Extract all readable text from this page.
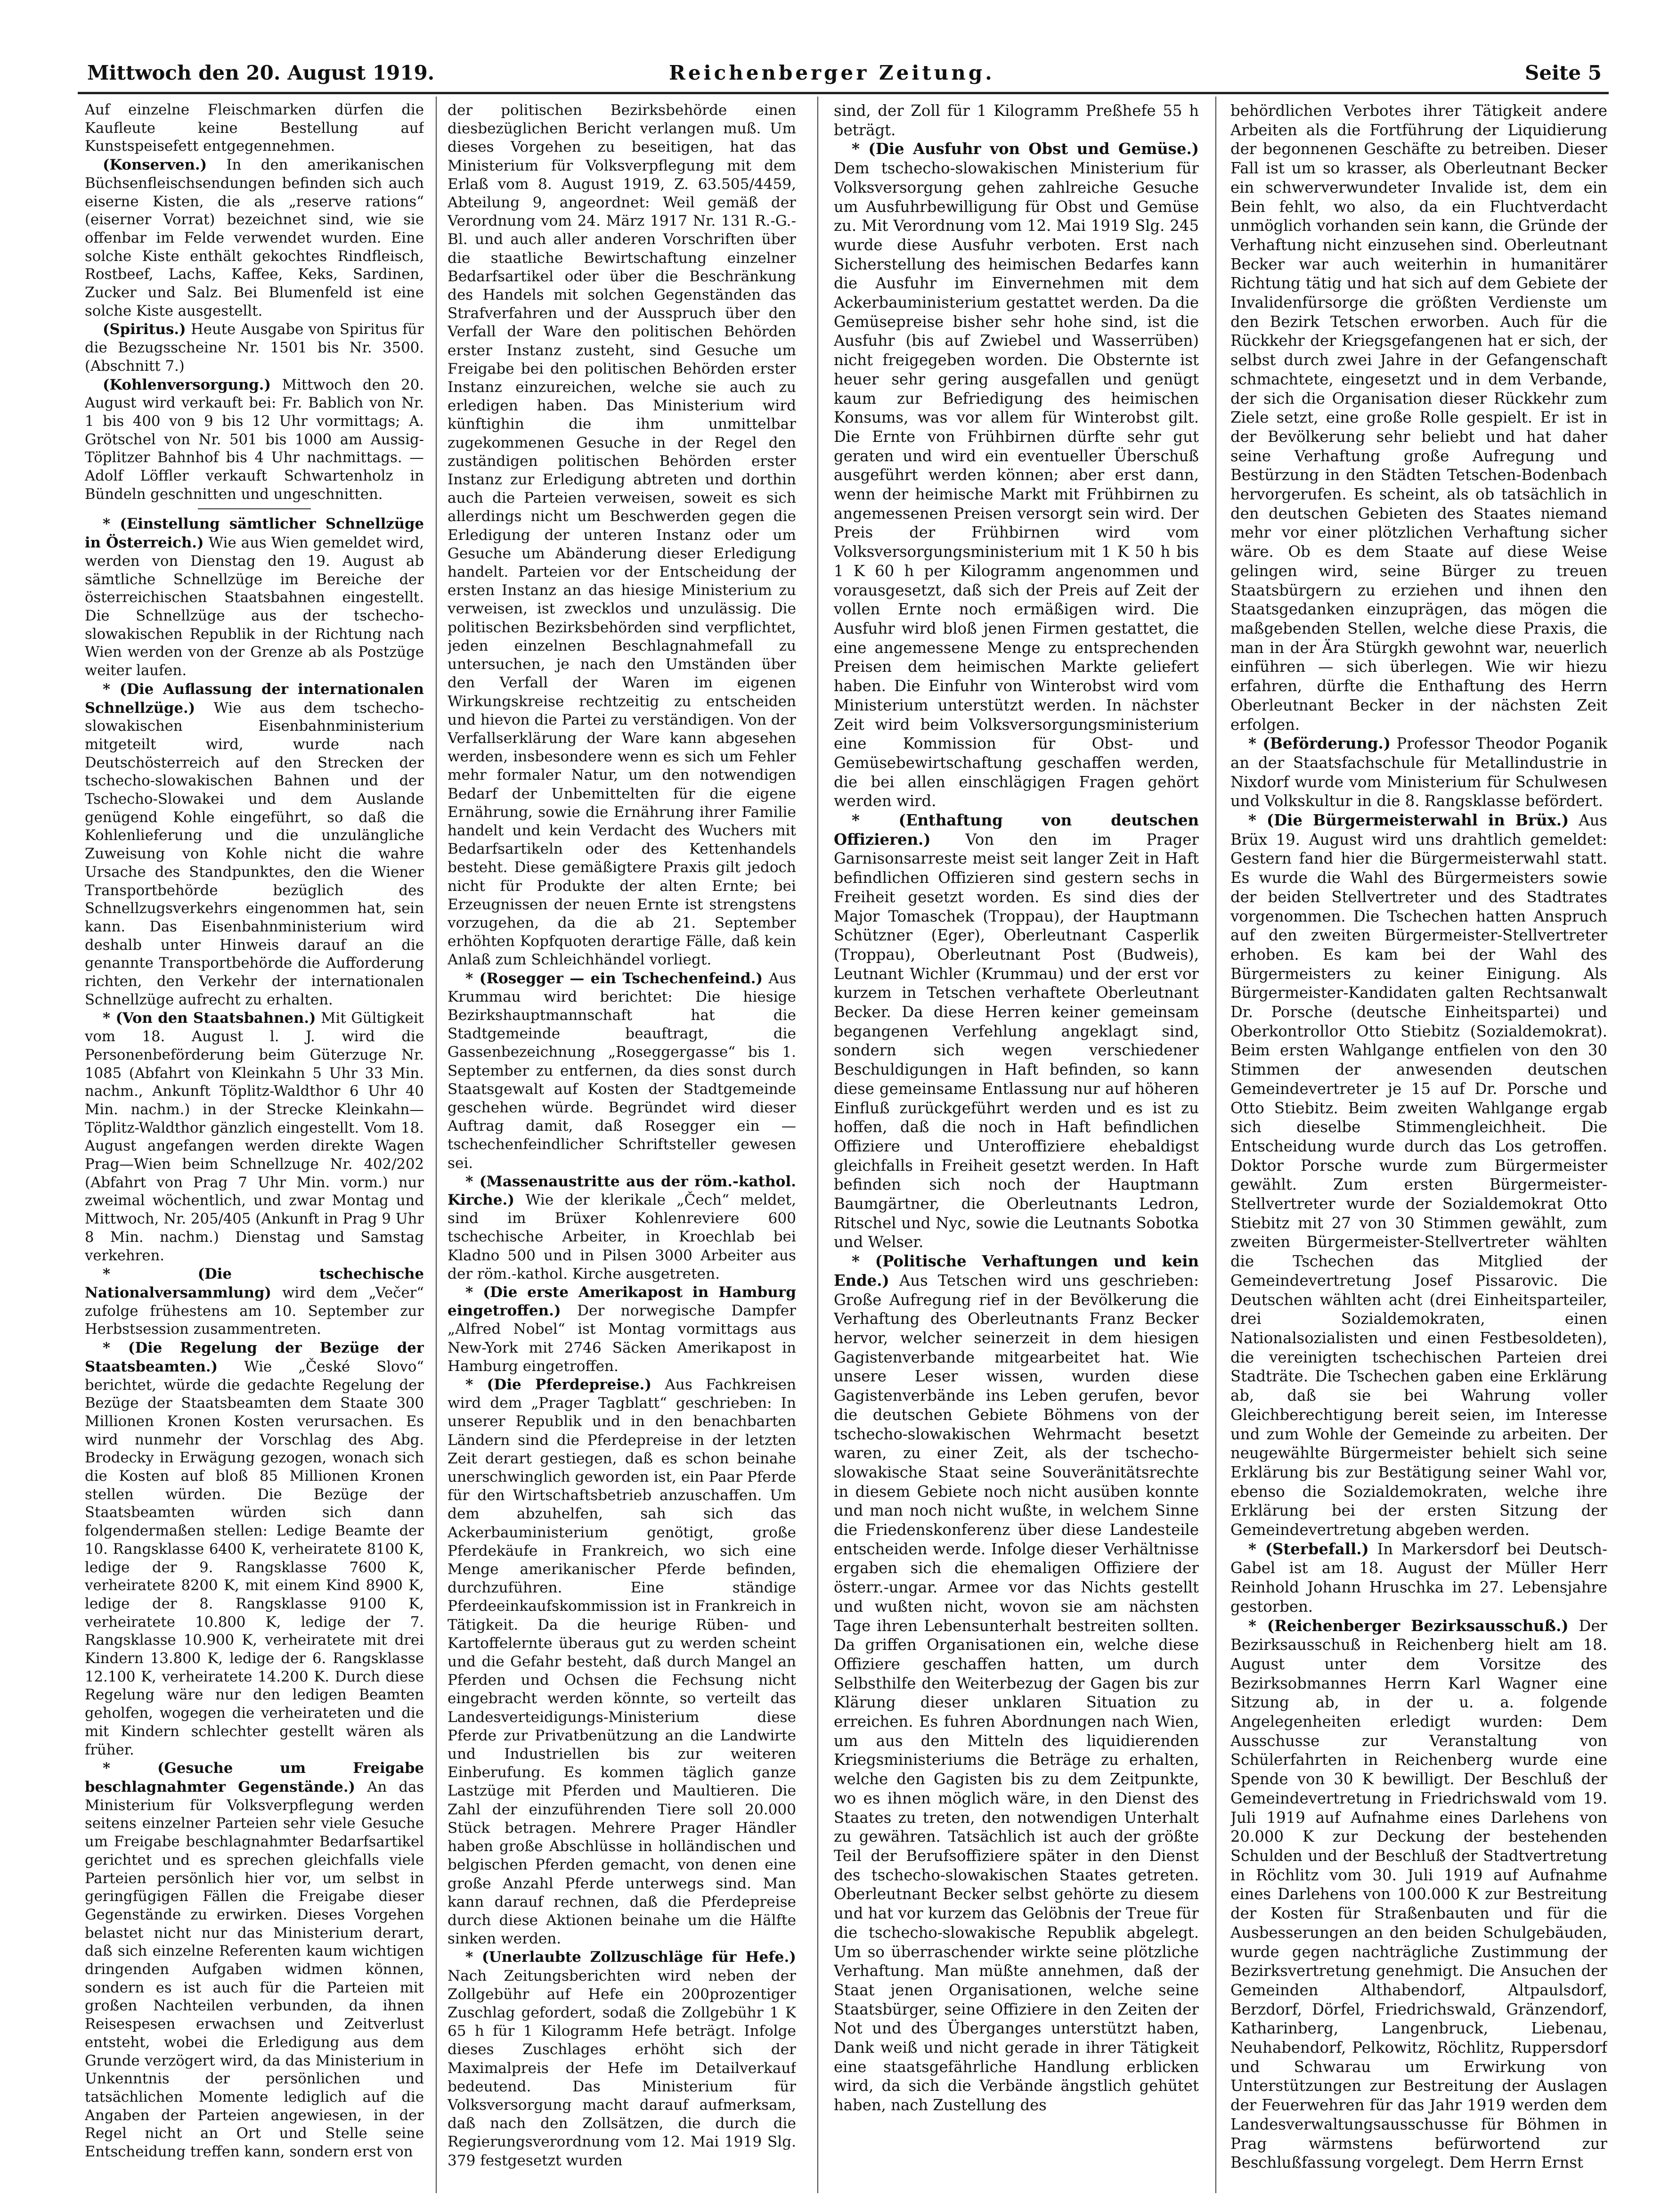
Mittwoch den 20. August 1919.	Reichenberger Zeitung.	Seite 5

Auf einzelne Fleischmarken dürfen die Kaufleute keine Bestellung auf Kunstspeisefett entgegennehmen.

(Konserven.) In den amerikanischen Büchsenfleischsendungen befinden sich auch eiserne Kisten, die als „reserve rations“ (eiserner Vorrat) bezeichnet sind, wie sie offenbar im Felde verwendet wurden. Eine solche Kiste enthält gekochtes Rindfleisch, Rostbeef, Lachs, Kaffee, Keks, Sardinen, Zucker und Salz. Bei Blumenfeld ist eine solche Kiste ausgestellt.

(Spiritus.) Heute Ausgabe von Spiritus für die Bezugsscheine Nr. 1501 bis Nr. 3500. (Abschnitt 7.)

(Kohlenversorgung.) Mittwoch den 20. August wird verkauft bei: Fr. Bablich von Nr. 1 bis 400 von 9 bis 12 Uhr vormittags; A. Grötschel von Nr. 501 bis 1000 am Aussig-Töplitzer Bahnhof bis 4 Uhr nachmittags. — Adolf Löffler verkauft Schwartenholz in Bündeln geschnitten und ungeschnitten.

* (Einstellung sämtlicher Schnellzüge in Österreich.) Wie aus Wien gemeldet wird, werden von Dienstag den 19. August ab sämtliche Schnellzüge im Bereiche der österreichischen Staatsbahnen eingestellt. Die Schnellzüge aus der tschecho-slowakischen Republik in der Richtung nach Wien werden von der Grenze ab als Postzüge weiter laufen.

* (Die Auflassung der internationalen Schnellzüge.) Wie aus dem tschecho-slowakischen Eisenbahnministerium mitgeteilt wird, wurde nach Deutschösterreich auf den Strecken der tschecho-slowakischen Bahnen und der Tschecho-Slowakei und dem Auslande genügend Kohle eingeführt, so daß die Kohlenlieferung und die unzulängliche Zuweisung von Kohle nicht die wahre Ursache des Standpunktes, den die Wiener Transportbehörde bezüglich des Schnellzugsverkehrs eingenommen hat, sein kann. Das Eisenbahnministerium wird deshalb unter Hinweis darauf an die genannte Transportbehörde die Aufforderung richten, den Verkehr der internationalen Schnellzüge aufrecht zu erhalten.

* (Von den Staatsbahnen.) Mit Gültigkeit vom 18. August l. J. wird die Personenbeförderung beim Güterzuge Nr. 1085 (Abfahrt von Kleinkahn 5 Uhr 33 Min. nachm., Ankunft Töplitz-Waldthor 6 Uhr 40 Min. nachm.) in der Strecke Kleinkahn—Töplitz-Waldthor gänzlich eingestellt. Vom 18. August angefangen werden direkte Wagen Prag—Wien beim Schnellzuge Nr. 402/202 (Abfahrt von Prag 7 Uhr Min. vorm.) nur zweimal wöchentlich, und zwar Montag und Mittwoch, Nr. 205/405 (Ankunft in Prag 9 Uhr 8 Min. nachm.) Dienstag und Samstag verkehren.

* (Die tschechische Nationalversammlung) wird dem „Večer“ zufolge frühestens am 10. September zur Herbstsession zusammentreten.

* (Die Regelung der Bezüge der Staatsbeamten.) Wie „České Slovo“ berichtet, würde die gedachte Regelung der Bezüge der Staatsbeamten dem Staate 300 Millionen Kronen Kosten verursachen. Es wird nunmehr der Vorschlag des Abg. Brodecky in Erwägung gezogen, wonach sich die Kosten auf bloß 85 Millionen Kronen stellen würden. Die Bezüge der Staatsbeamten würden sich dann folgendermaßen stellen: Ledige Beamte der 10. Rangsklasse 6400 K, verheiratete 8100 K, ledige der 9. Rangsklasse 7600 K, verheiratete 8200 K, mit einem Kind 8900 K, ledige der 8. Rangsklasse 9100 K, verheiratete 10.800 K, ledige der 7. Rangsklasse 10.900 K, verheiratete mit drei Kindern 13.800 K, ledige der 6. Rangsklasse 12.100 K, verheiratete 14.200 K. Durch diese Regelung wäre nur den ledigen Beamten geholfen, wogegen die verheirateten und die mit Kindern schlechter gestellt wären als früher.

* (Gesuche um Freigabe beschlagnahmter Gegenstände.) An das Ministerium für Volksverpflegung werden seitens einzelner Parteien sehr viele Gesuche um Freigabe beschlagnahmter Bedarfsartikel gerichtet und es sprechen gleichfalls viele Parteien persönlich hier vor, um selbst in geringfügigen Fällen die Freigabe dieser Gegenstände zu erwirken. Dieses Vorgehen belastet nicht nur das Ministerium derart, daß sich einzelne Referenten kaum wichtigen dringenden Aufgaben widmen können, sondern es ist auch für die Parteien mit großen Nachteilen verbunden, da ihnen Reisespesen erwachsen und Zeitverlust entsteht, wobei die Erledigung aus dem Grunde verzögert wird, da das Ministerium in Unkenntnis der persönlichen und tatsächlichen Momente lediglich auf die Angaben der Parteien angewiesen, in der Regel nicht an Ort und Stelle seine Entscheidung treffen kann, sondern erst von

der politischen Bezirksbehörde einen diesbezüglichen Bericht verlangen muß. Um dieses Vorgehen zu beseitigen, hat das Ministerium für Volksverpflegung mit dem Erlaß vom 8. August 1919, Z. 63.505/4459, Abteilung 9, angeordnet: Weil gemäß der Verordnung vom 24. März 1917 Nr. 131 R.-G.-Bl. und auch aller anderen Vorschriften über die staatliche Bewirtschaftung einzelner Bedarfsartikel oder über die Beschränkung des Handels mit solchen Gegenständen das Strafverfahren und der Ausspruch über den Verfall der Ware den politischen Behörden erster Instanz zusteht, sind Gesuche um Freigabe bei den politischen Behörden erster Instanz einzureichen, welche sie auch zu erledigen haben. Das Ministerium wird künftighin die ihm unmittelbar zugekommenen Gesuche in der Regel den zuständigen politischen Behörden erster Instanz zur Erledigung abtreten und dorthin auch die Parteien verweisen, soweit es sich allerdings nicht um Beschwerden gegen die Erledigung der unteren Instanz oder um Gesuche um Abänderung dieser Erledigung handelt. Parteien vor der Entscheidung der ersten Instanz an das hiesige Ministerium zu verweisen, ist zwecklos und unzulässig. Die politischen Bezirksbehörden sind verpflichtet, jeden einzelnen Beschlagnahmefall zu untersuchen, je nach den Umständen über den Verfall der Waren im eigenen Wirkungskreise rechtzeitig zu entscheiden und hievon die Partei zu verständigen. Von der Verfallserklärung der Ware kann abgesehen werden, insbesondere wenn es sich um Fehler mehr formaler Natur, um den notwendigen Bedarf der Unbemittelten für die eigene Ernährung, sowie die Ernährung ihrer Familie handelt und kein Verdacht des Wuchers mit Bedarfsartikeln oder des Kettenhandels besteht. Diese gemäßigtere Praxis gilt jedoch nicht für Produkte der alten Ernte; bei Erzeugnissen der neuen Ernte ist strengstens vorzugehen, da die ab 21. September erhöhten Kopfquoten derartige Fälle, daß kein Anlaß zum Schleichhändel vorliegt.

* (Rosegger — ein Tschechenfeind.) Aus Krummau wird berichtet: Die hiesige Bezirkshauptmannschaft hat die Stadtgemeinde beauftragt, die Gassenbezeichnung „Roseggergasse“ bis 1. September zu entfernen, da dies sonst durch Staatsgewalt auf Kosten der Stadtgemeinde geschehen würde. Begründet wird dieser Auftrag damit, daß Rosegger ein — tschechenfeindlicher Schriftsteller gewesen sei.

* (Massenaustritte aus der röm.-kathol. Kirche.) Wie der klerikale „Čech“ meldet, sind im Brüxer Kohlenreviere 600 tschechische Arbeiter, in Kroechlab bei Kladno 500 und in Pilsen 3000 Arbeiter aus der röm.-kathol. Kirche ausgetreten.

* (Die erste Amerikapost in Hamburg eingetroffen.) Der norwegische Dampfer „Alfred Nobel“ ist Montag vormittags aus New-York mit 2746 Säcken Amerikapost in Hamburg eingetroffen.

* (Die Pferdepreise.) Aus Fachkreisen wird dem „Prager Tagblatt“ geschrieben: In unserer Republik und in den benachbarten Ländern sind die Pferdepreise in der letzten Zeit derart gestiegen, daß es schon beinahe unerschwinglich geworden ist, ein Paar Pferde für den Wirtschaftsbetrieb anzuschaffen. Um dem abzuhelfen, sah sich das Ackerbauministerium genötigt, große Pferdekäufe in Frankreich, wo sich eine Menge amerikanischer Pferde befinden, durchzuführen. Eine ständige Pferdeeinkaufskommission ist in Frankreich in Tätigkeit. Da die heurige Rüben- und Kartoffelernte überaus gut zu werden scheint und die Gefahr besteht, daß durch Mangel an Pferden und Ochsen die Fechsung nicht eingebracht werden könnte, so verteilt das Landesverteidigungs-Ministerium diese Pferde zur Privatbenützung an die Landwirte und Industriellen bis zur weiteren Einberufung. Es kommen täglich ganze Lastzüge mit Pferden und Maultieren. Die Zahl der einzuführenden Tiere soll 20.000 Stück betragen. Mehrere Prager Händler haben große Abschlüsse in holländischen und belgischen Pferden gemacht, von denen eine große Anzahl Pferde unterwegs sind. Man kann darauf rechnen, daß die Pferdepreise durch diese Aktionen beinahe um die Hälfte sinken werden.

* (Unerlaubte Zollzuschläge für Hefe.) Nach Zeitungsberichten wird neben der Zollgebühr auf Hefe ein 200prozentiger Zuschlag gefordert, sodaß die Zollgebühr 1 K 65 h für 1 Kilogramm Hefe beträgt. Infolge dieses Zuschlages erhöht sich der Maximalpreis der Hefe im Detailverkauf bedeutend. Das Ministerium für Volksversorgung macht darauf aufmerksam, daß nach den Zollsätzen, die durch die Regierungsverordnung vom 12. Mai 1919 Slg. 379 festgesetzt wurden

sind, der Zoll für 1 Kilogramm Preßhefe 55 h beträgt.

* (Die Ausfuhr von Obst und Gemüse.) Dem tschecho-slowakischen Ministerium für Volksversorgung gehen zahlreiche Gesuche um Ausfuhrbewilligung für Obst und Gemüse zu. Mit Verordnung vom 12. Mai 1919 Slg. 245 wurde diese Ausfuhr verboten. Erst nach Sicherstellung des heimischen Bedarfes kann die Ausfuhr im Einvernehmen mit dem Ackerbauministerium gestattet werden. Da die Gemüsepreise bisher sehr hohe sind, ist die Ausfuhr (bis auf Zwiebel und Wasserrüben) nicht freigegeben worden. Die Obsternte ist heuer sehr gering ausgefallen und genügt kaum zur Befriedigung des heimischen Konsums, was vor allem für Winterobst gilt. Die Ernte von Frühbirnen dürfte sehr gut geraten und wird ein eventueller Überschuß ausgeführt werden können; aber erst dann, wenn der heimische Markt mit Frühbirnen zu angemessenen Preisen versorgt sein wird. Der Preis der Frühbirnen wird vom Volksversorgungsministerium mit 1 K 50 h bis 1 K 60 h per Kilogramm angenommen und vorausgesetzt, daß sich der Preis auf Zeit der vollen Ernte noch ermäßigen wird. Die Ausfuhr wird bloß jenen Firmen gestattet, die eine angemessene Menge zu entsprechenden Preisen dem heimischen Markte geliefert haben. Die Einfuhr von Winterobst wird vom Ministerium unterstützt werden. In nächster Zeit wird beim Volksversorgungsministerium eine Kommission für Obst- und Gemüsebewirtschaftung geschaffen werden, die bei allen einschlägigen Fragen gehört werden wird.

* (Enthaftung von deutschen Offizieren.) Von den im Prager Garnisonsarreste meist seit langer Zeit in Haft befindlichen Offizieren sind gestern sechs in Freiheit gesetzt worden. Es sind dies der Major Tomaschek (Troppau), der Hauptmann Schützner (Eger), Oberleutnant Casperlik (Troppau), Oberleutnant Post (Budweis), Leutnant Wichler (Krummau) und der erst vor kurzem in Tetschen verhaftete Oberleutnant Becker. Da diese Herren keiner gemeinsam begangenen Verfehlung angeklagt sind, sondern sich wegen verschiedener Beschuldigungen in Haft befinden, so kann diese gemeinsame Entlassung nur auf höheren Einfluß zurückgeführt werden und es ist zu hoffen, daß die noch in Haft befindlichen Offiziere und Unteroffiziere ehebaldigst gleichfalls in Freiheit gesetzt werden. In Haft befinden sich noch der Hauptmann Baumgärtner, die Oberleutnants Ledron, Ritschel und Nyc, sowie die Leutnants Sobotka und Welser.

* (Politische Verhaftungen und kein Ende.) Aus Tetschen wird uns geschrieben: Große Aufregung rief in der Bevölkerung die Verhaftung des Oberleutnants Franz Becker hervor, welcher seinerzeit in dem hiesigen Gagistenverbande mitgearbeitet hat. Wie unsere Leser wissen, wurden diese Gagistenverbände ins Leben gerufen, bevor die deutschen Gebiete Böhmens von der tschecho-slowakischen Wehrmacht besetzt waren, zu einer Zeit, als der tschecho-slowakische Staat seine Souveränitätsrechte in diesem Gebiete noch nicht ausüben konnte und man noch nicht wußte, in welchem Sinne die Friedenskonferenz über diese Landesteile entscheiden werde. Infolge dieser Verhältnisse ergaben sich die ehemaligen Offiziere der österr.-ungar. Armee vor das Nichts gestellt und wußten nicht, wovon sie am nächsten Tage ihren Lebensunterhalt bestreiten sollten. Da griffen Organisationen ein, welche diese Offiziere geschaffen hatten, um durch Selbsthilfe den Weiterbezug der Gagen bis zur Klärung dieser unklaren Situation zu erreichen. Es fuhren Abordnungen nach Wien, um aus den Mitteln des liquidierenden Kriegsministeriums die Beträge zu erhalten, welche den Gagisten bis zu dem Zeitpunkte, wo es ihnen möglich wäre, in den Dienst des Staates zu treten, den notwendigen Unterhalt zu gewähren. Tatsächlich ist auch der größte Teil der Berufsoffiziere später in den Dienst des tschecho-slowakischen Staates getreten. Oberleutnant Becker selbst gehörte zu diesem und hat vor kurzem das Gelöbnis der Treue für die tschecho-slowakische Republik abgelegt. Um so überraschender wirkte seine plötzliche Verhaftung. Man müßte annehmen, daß der Staat jenen Organisationen, welche seine Staatsbürger, seine Offiziere in den Zeiten der Not und des Überganges unterstützt haben, Dank weiß und nicht gerade in ihrer Tätigkeit eine staatsgefährliche Handlung erblicken wird, da sich die Verbände ängstlich gehütet haben, nach Zustellung des

behördlichen Verbotes ihrer Tätigkeit andere Arbeiten als die Fortführung der Liquidierung der begonnenen Geschäfte zu betreiben. Dieser Fall ist um so krasser, als Oberleutnant Becker ein schwerverwundeter Invalide ist, dem ein Bein fehlt, wo also, da ein Fluchtverdacht unmöglich vorhanden sein kann, die Gründe der Verhaftung nicht einzusehen sind. Oberleutnant Becker war auch weiterhin in humanitärer Richtung tätig und hat sich auf dem Gebiete der Invalidenfürsorge die größten Verdienste um den Bezirk Tetschen erworben. Auch für die Rückkehr der Kriegsgefangenen hat er sich, der selbst durch zwei Jahre in der Gefangenschaft schmachtete, eingesetzt und in dem Verbande, der sich die Organisation dieser Rückkehr zum Ziele setzt, eine große Rolle gespielt. Er ist in der Bevölkerung sehr beliebt und hat daher seine Verhaftung große Aufregung und Bestürzung in den Städten Tetschen-Bodenbach hervorgerufen. Es scheint, als ob tatsächlich in den deutschen Gebieten des Staates niemand mehr vor einer plötzlichen Verhaftung sicher wäre. Ob es dem Staate auf diese Weise gelingen wird, seine Bürger zu treuen Staatsbürgern zu erziehen und ihnen den Staatsgedanken einzuprägen, das mögen die maßgebenden Stellen, welche diese Praxis, die man in der Ära Stürgkh gewohnt war, neuerlich einführen — sich überlegen. Wie wir hiezu erfahren, dürfte die Enthaftung des Herrn Oberleutnant Becker in der nächsten Zeit erfolgen.

* (Beförderung.) Professor Theodor Poganik an der Staatsfachschule für Metallindustrie in Nixdorf wurde vom Ministerium für Schulwesen und Volkskultur in die 8. Rangsklasse befördert.

* (Die Bürgermeisterwahl in Brüx.) Aus Brüx 19. August wird uns drahtlich gemeldet: Gestern fand hier die Bürgermeisterwahl statt. Es wurde die Wahl des Bürgermeisters sowie der beiden Stellvertreter und des Stadtrates vorgenommen. Die Tschechen hatten Anspruch auf den zweiten Bürgermeister-Stellvertreter erhoben. Es kam bei der Wahl des Bürgermeisters zu keiner Einigung. Als Bürgermeister-Kandidaten galten Rechtsanwalt Dr. Porsche (deutsche Einheitspartei) und Oberkontrollor Otto Stiebitz (Sozialdemokrat). Beim ersten Wahlgange entfielen von den 30 Stimmen der anwesenden deutschen Gemeindevertreter je 15 auf Dr. Porsche und Otto Stiebitz. Beim zweiten Wahlgange ergab sich dieselbe Stimmengleichheit. Die Entscheidung wurde durch das Los getroffen. Doktor Porsche wurde zum Bürgermeister gewählt. Zum ersten Bürgermeister-Stellvertreter wurde der Sozialdemokrat Otto Stiebitz mit 27 von 30 Stimmen gewählt, zum zweiten Bürgermeister-Stellvertreter wählten die Tschechen das Mitglied der Gemeindevertretung Josef Pissarovic. Die Deutschen wählten acht (drei Einheitsparteiler, drei Sozialdemokraten, einen Nationalsozialisten und einen Festbesoldeten), die vereinigten tschechischen Parteien drei Stadträte. Die Tschechen gaben eine Erklärung ab, daß sie bei Wahrung voller Gleichberechtigung bereit seien, im Interesse und zum Wohle der Gemeinde zu arbeiten. Der neugewählte Bürgermeister behielt sich seine Erklärung bis zur Bestätigung seiner Wahl vor, ebenso die Sozialdemokraten, welche ihre Erklärung bei der ersten Sitzung der Gemeindevertretung abgeben werden.

* (Sterbefall.) In Markersdorf bei Deutsch-Gabel ist am 18. August der Müller Herr Reinhold Johann Hruschka im 27. Lebensjahre gestorben.

* (Reichenberger Bezirksausschuß.) Der Bezirksausschuß in Reichenberg hielt am 18. August unter dem Vorsitze des Bezirksobmannes Herrn Karl Wagner eine Sitzung ab, in der u. a. folgende Angelegenheiten erledigt wurden: Dem Ausschusse zur Veranstaltung von Schülerfahrten in Reichenberg wurde eine Spende von 30 K bewilligt. Der Beschluß der Gemeindevertretung in Friedrichswald vom 19. Juli 1919 auf Aufnahme eines Darlehens von 20.000 K zur Deckung der bestehenden Schulden und der Beschluß der Stadtvertretung in Röchlitz vom 30. Juli 1919 auf Aufnahme eines Darlehens von 100.000 K zur Bestreitung der Kosten für Straßenbauten und für die Ausbesserungen an den beiden Schulgebäuden, wurde gegen nachträgliche Zustimmung der Bezirksvertretung genehmigt. Die Ansuchen der Gemeinden Althabendorf, Altpaulsdorf, Berzdorf, Dörfel, Friedrichswald, Gränzendorf, Katharinberg, Langenbruck, Liebenau, Neuhabendorf, Pelkowitz, Röchlitz, Ruppersdorf und Schwarau um Erwirkung von Unterstützungen zur Bestreitung der Auslagen der Feuerwehren für das Jahr 1919 werden dem Landesverwaltungsausschusse für Böhmen in Prag wärmstens befürwortend zur Beschlußfassung vorgelegt. Dem Herrn Ernst
